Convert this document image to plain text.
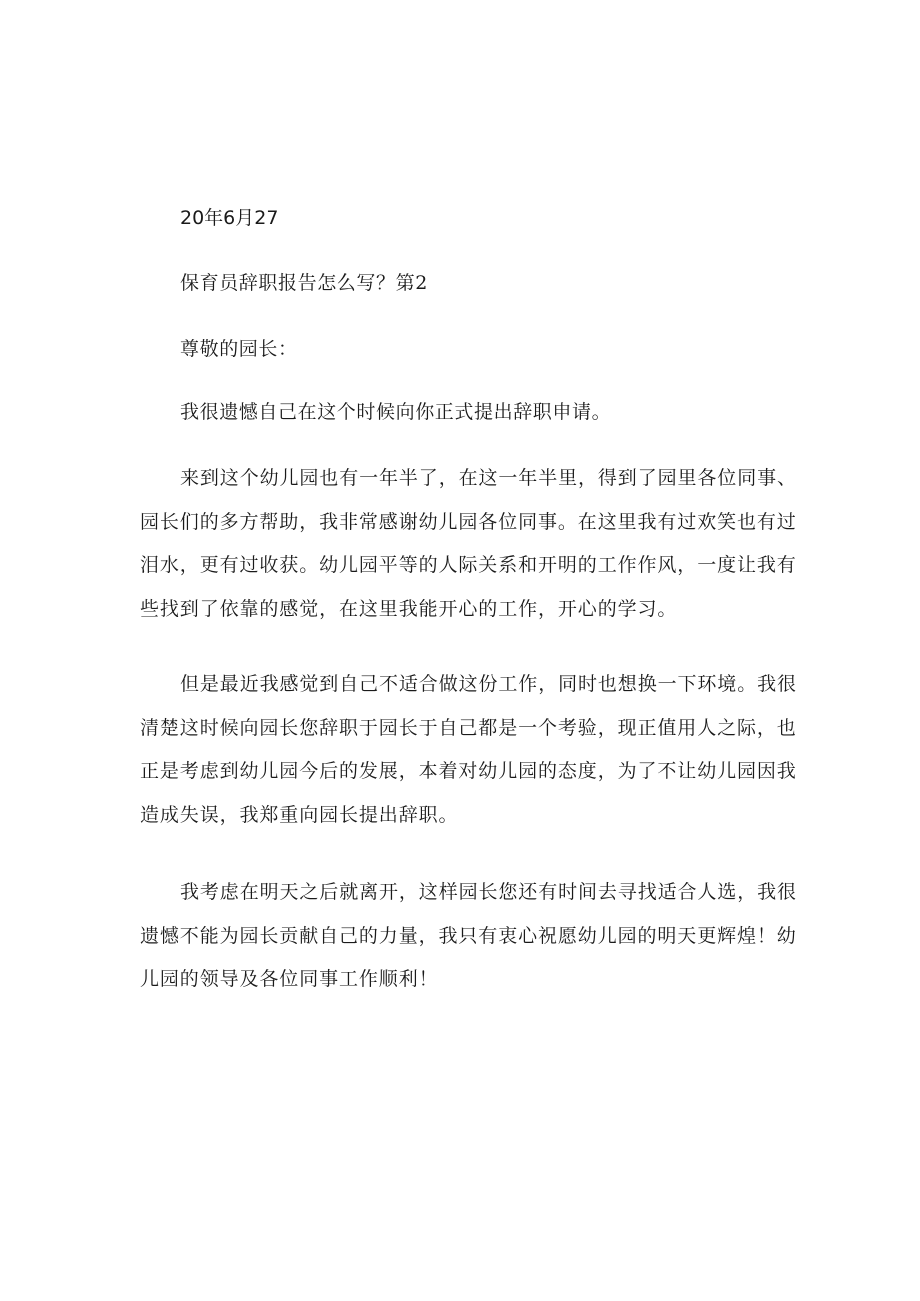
20年6月27
保育员辞职报告怎么写？第2
尊敬的园长：
我很遗憾自己在这个时候向你正式提出辞职申请。
来到这个幼儿园也有一年半了，在这一年半里，得到了园里各位同事、园长们的多方帮助，我非常感谢幼儿园各位同事。在这里我有过欢笑也有过泪水，更有过收获。幼儿园平等的人际关系和开明的工作作风，一度让我有些找到了依靠的感觉，在这里我能开心的工作，开心的学习。
但是最近我感觉到自己不适合做这份工作，同时也想换一下环境。我很清楚这时候向园长您辞职于园长于自己都是一个考验，现正值用人之际，也正是考虑到幼儿园今后的发展，本着对幼儿园的态度，为了不让幼儿园因我造成失误，我郑重向园长提出辞职。
我考虑在明天之后就离开，这样园长您还有时间去寻找适合人选，我很遗憾不能为园长贡献自己的力量，我只有衷心祝愿幼儿园的明天更辉煌！幼儿园的领导及各位同事工作顺利！
